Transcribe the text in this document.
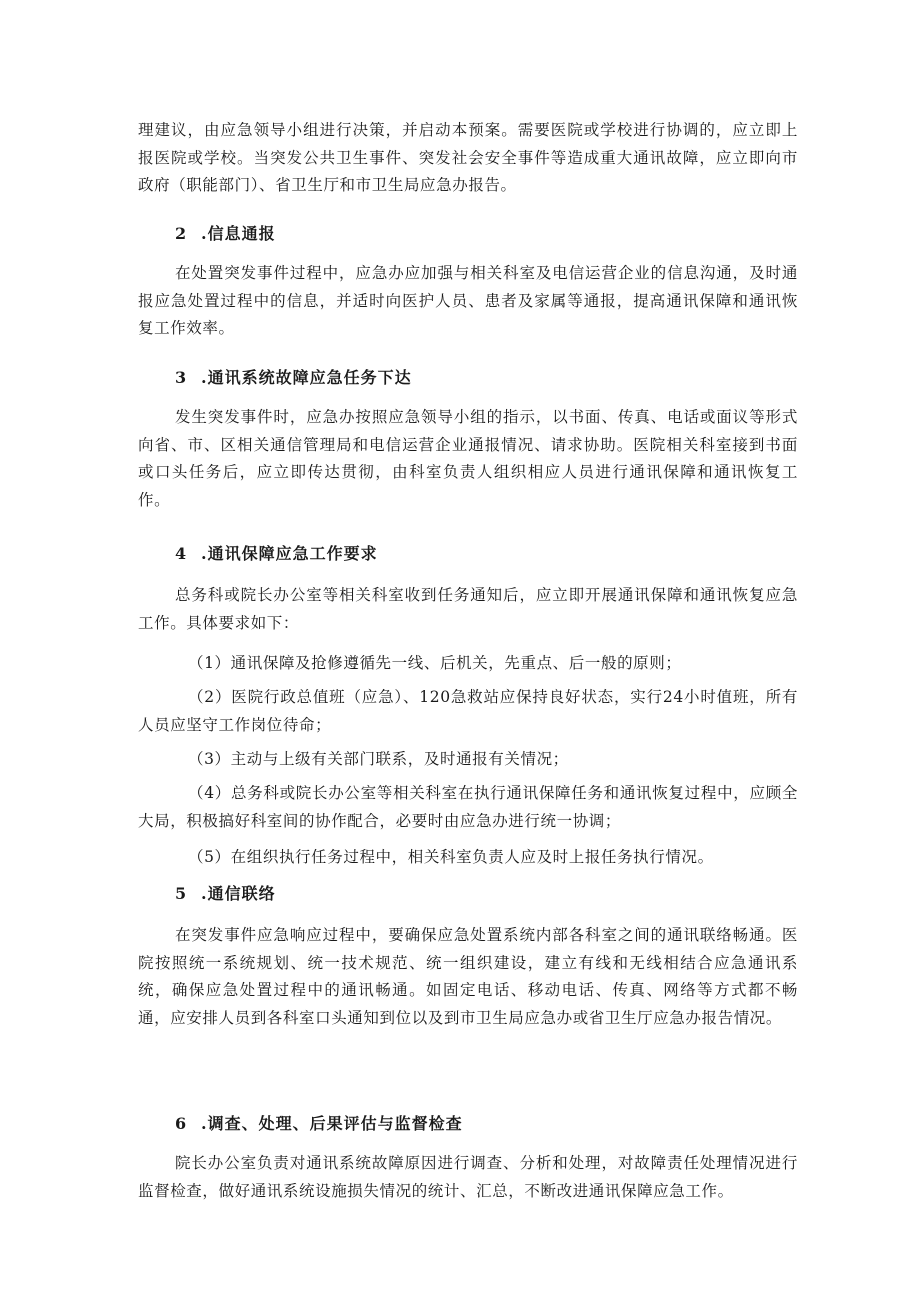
理建议，由应急领导小组进行决策，并启动本预案。需要医院或学校进行协调的，应立即上报医院或学校。当突发公共卫生事件、突发社会安全事件等造成重大通讯故障，应立即向市政府（职能部门）、省卫生厅和市卫生局应急办报告。
2 .信息通报
在处置突发事件过程中，应急办应加强与相关科室及电信运营企业的信息沟通，及时通报应急处置过程中的信息，并适时向医护人员、患者及家属等通报，提高通讯保障和通讯恢复工作效率。
3 .通讯系统故障应急任务下达
发生突发事件时，应急办按照应急领导小组的指示，以书面、传真、电话或面议等形式向省、市、区相关通信管理局和电信运营企业通报情况、请求协助。医院相关科室接到书面或口头任务后，应立即传达贯彻，由科室负责人组织相应人员进行通讯保障和通讯恢复工作。
4 .通讯保障应急工作要求
总务科或院长办公室等相关科室收到任务通知后，应立即开展通讯保障和通讯恢复应急工作。具体要求如下：
（1）通讯保障及抢修遵循先一线、后机关，先重点、后一般的原则；
（2）医院行政总值班（应急）、120急救站应保持良好状态，实行24小时值班，所有人员应坚守工作岗位待命；
（3）主动与上级有关部门联系，及时通报有关情况；
（4）总务科或院长办公室等相关科室在执行通讯保障任务和通讯恢复过程中，应顾全大局，积极搞好科室间的协作配合，必要时由应急办进行统一协调；
（5）在组织执行任务过程中，相关科室负责人应及时上报任务执行情况。
5 .通信联络
在突发事件应急响应过程中，要确保应急处置系统内部各科室之间的通讯联络畅通。医院按照统一系统规划、统一技术规范、统一组织建设，建立有线和无线相结合应急通讯系统，确保应急处置过程中的通讯畅通。如固定电话、移动电话、传真、网络等方式都不畅通，应安排人员到各科室口头通知到位以及到市卫生局应急办或省卫生厅应急办报告情况。
6 .调查、处理、后果评估与监督检查
院长办公室负责对通讯系统故障原因进行调查、分析和处理，对故障责任处理情况进行监督检查，做好通讯系统设施损失情况的统计、汇总，不断改进通讯保障应急工作。
